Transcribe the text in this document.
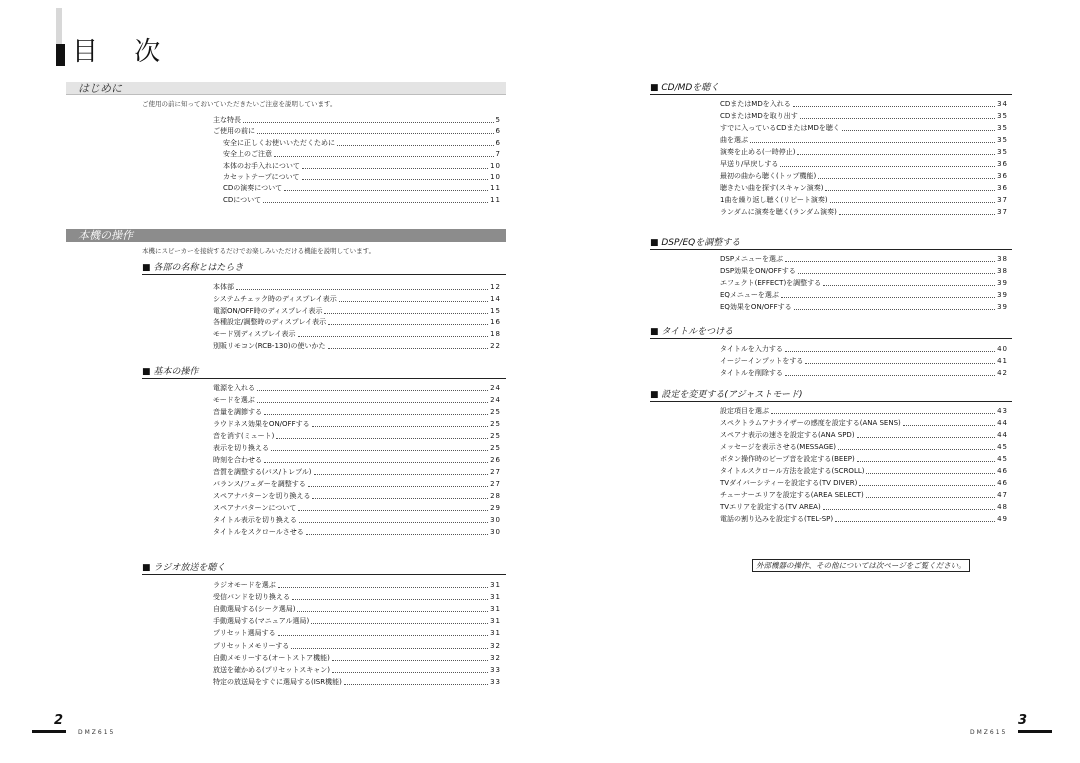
目 次
はじめに
ご使用の前に知っておいていただきたいご注意を説明しています。
主な特長	5
ご使用の前に	6
安全に正しくお使いいただくために	6
安全上のご注意	7
本体のお手入れについて	10
カセットテープについて	10
CDの演奏について	11
CDについて	11
本機の操作
本機にスピーカーを接続するだけでお楽しみいただける機能を説明しています。
■ 各部の名称とはたらき
本体部	12
システムチェック時のディスプレイ表示	14
電源ON/OFF時のディスプレイ表示	15
各種設定/調整時のディスプレイ表示	16
モード別ディスプレイ表示	18
別販リモコン(RCB-130)の使いかた	22
■ 基本の操作
電源を入れる	24
モードを選ぶ	24
音量を調節する	25
ラウドネス効果をON/OFFする	25
音を消す(ミュート)	25
表示を切り換える	25
時刻を合わせる	26
音質を調整する(バス/トレブル)	27
バランス/フェダーを調整する	27
スペアナパターンを切り換える	28
スペアナパターンについて	29
タイトル表示を切り換える	30
タイトルをスクロールさせる	30
■ ラジオ放送を聴く
ラジオモードを選ぶ	31
受信バンドを切り換える	31
自動選局する(シーク選局)	31
手動選局する(マニュアル選局)	31
プリセット選局する	31
プリセットメモリーする	32
自動メモリーする(オートストア機能)	32
放送を確かめる(プリセットスキャン)	33
特定の放送局をすぐに選局する(ISR機能)	33
■ CD/MDを聴く
CDまたはMDを入れる	34
CDまたはMDを取り出す	35
すでに入っているCDまたはMDを聴く	35
曲を選ぶ	35
演奏を止める(一時停止)	35
早送り/早戻しする	36
最初の曲から聴く(トップ機能)	36
聴きたい曲を探す(スキャン演奏)	36
1曲を繰り返し聴く(リピート演奏)	37
ランダムに演奏を聴く(ランダム演奏)	37
■ DSP/EQを調整する
DSPメニューを選ぶ	38
DSP効果をON/OFFする	38
エフェクト(EFFECT)を調整する	39
EQメニューを選ぶ	39
EQ効果をON/OFFする	39
■ タイトルをつける
タイトルを入力する	40
イージーインプットをする	41
タイトルを削除する	42
■ 設定を変更する(アジャストモード)
設定項目を選ぶ	43
スペクトラムアナライザーの感度を設定する(ANA SENS)	44
スペアナ表示の速さを設定する(ANA SPD)	44
メッセージを表示させる(MESSAGE)	45
ボタン操作時のビープ音を設定する(BEEP)	45
タイトルスクロール方法を設定する(SCROLL)	46
TVダイバーシティーを設定する(TV DIVER)	46
チューナーエリアを設定する(AREA SELECT)	47
TVエリアを設定する(TV AREA)	48
電話の割り込みを設定する(TEL-SP)	49
外部機器の操作、その他については次ページをご覧ください。
2
DMZ615
3
DMZ615
